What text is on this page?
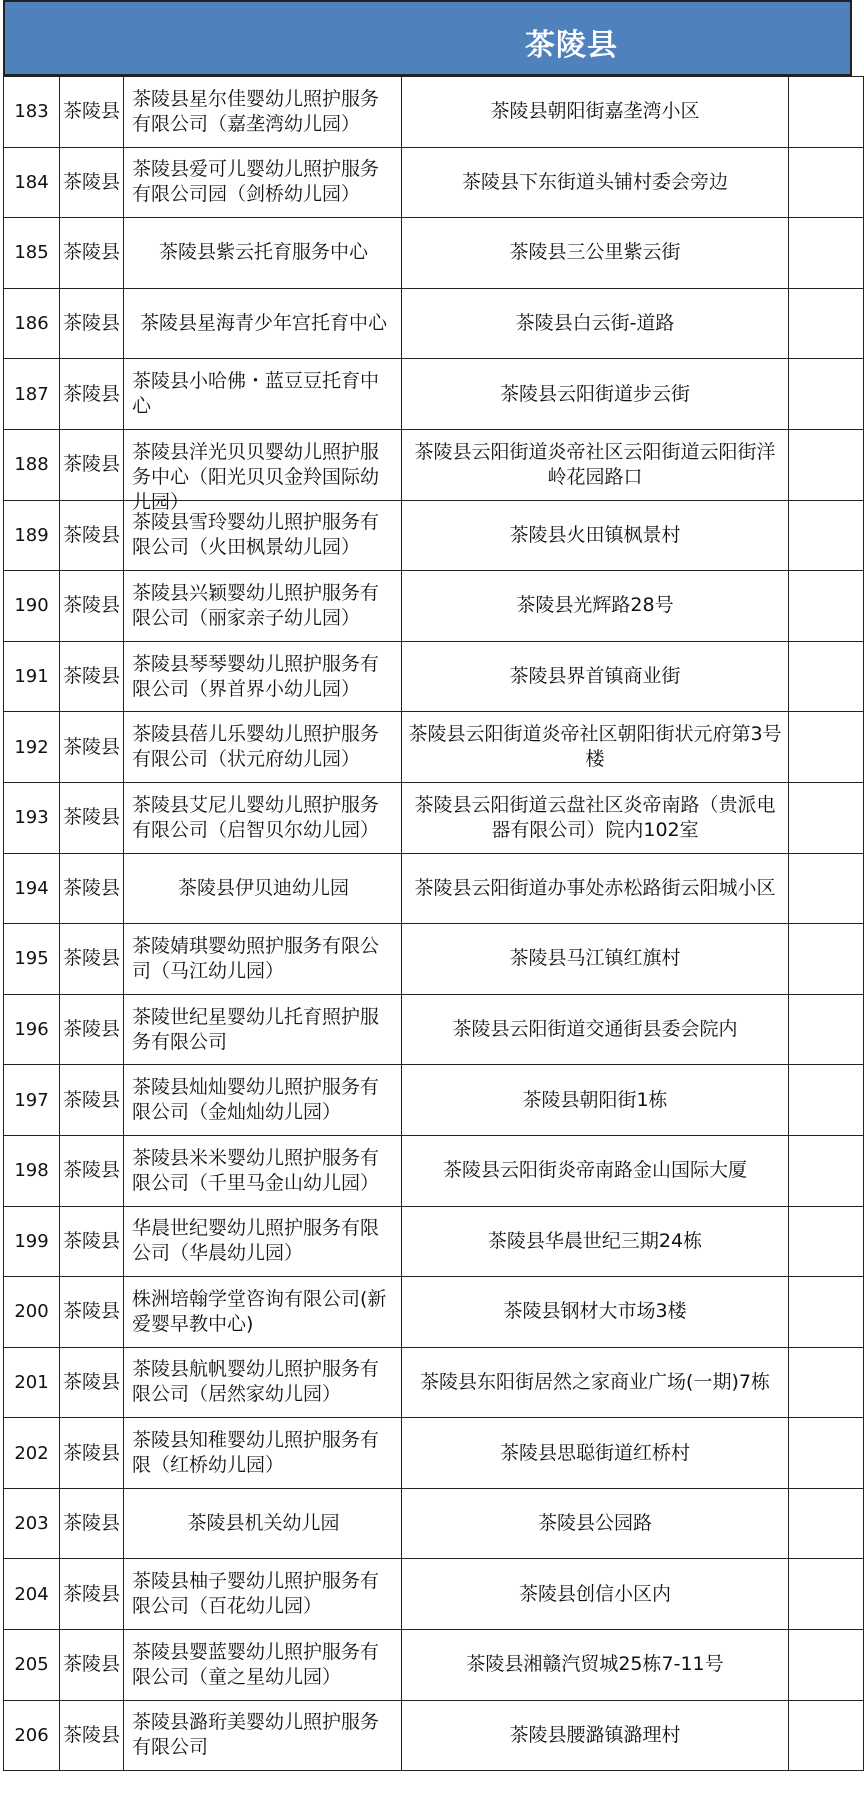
茶陵县
183	茶陵县	茶陵县星尔佳婴幼儿照护服务有限公司（嘉垄湾幼儿园）	茶陵县朝阳街嘉垄湾小区	

184	茶陵县	茶陵县爱可儿婴幼儿照护服务有限公司园（剑桥幼儿园）	茶陵县下东街道头铺村委会旁边	

185	茶陵县	茶陵县紫云托育服务中心	茶陵县三公里紫云街	

186	茶陵县	茶陵县星海青少年宫托育中心	茶陵县白云街-道路	

187	茶陵县	茶陵县小哈佛・蓝豆豆托育中心	茶陵县云阳街道步云街	

188	茶陵县	茶陵县洋光贝贝婴幼儿照护服务中心（阳光贝贝金羚国际幼儿园）	茶陵县云阳街道炎帝社区云阳街道云阳街洋岭花园路口	

189	茶陵县	茶陵县雪玲婴幼儿照护服务有限公司（火田枫景幼儿园）	茶陵县火田镇枫景村	

190	茶陵县	茶陵县兴颖婴幼儿照护服务有限公司（丽家亲子幼儿园）	茶陵县光辉路28号	

191	茶陵县	茶陵县琴琴婴幼儿照护服务有限公司（界首界小幼儿园）	茶陵县界首镇商业街	

192	茶陵县	茶陵县蓓儿乐婴幼儿照护服务有限公司（状元府幼儿园）	茶陵县云阳街道炎帝社区朝阳街状元府第3号楼	

193	茶陵县	茶陵县艾尼儿婴幼儿照护服务有限公司（启智贝尔幼儿园）	茶陵县云阳街道云盘社区炎帝南路（贵派电器有限公司）院内102室	

194	茶陵县	茶陵县伊贝迪幼儿园	茶陵县云阳街道办事处赤松路街云阳城小区	

195	茶陵县	茶陵婧琪婴幼照护服务有限公司（马江幼儿园）	茶陵县马江镇红旗村	

196	茶陵县	茶陵世纪星婴幼儿托育照护服务有限公司	茶陵县云阳街道交通街县委会院内	

197	茶陵县	茶陵县灿灿婴幼儿照护服务有限公司（金灿灿幼儿园）	茶陵县朝阳街1栋	

198	茶陵县	茶陵县米米婴幼儿照护服务有限公司（千里马金山幼儿园）	茶陵县云阳街炎帝南路金山国际大厦	

199	茶陵县	华晨世纪婴幼儿照护服务有限公司（华晨幼儿园）	茶陵县华晨世纪三期24栋	

200	茶陵县	株洲培翰学堂咨询有限公司(新爱婴早教中心)	茶陵县钢材大市场3楼	

201	茶陵县	茶陵县航帆婴幼儿照护服务有限公司（居然家幼儿园）	茶陵县东阳街居然之家商业广场(一期)7栋	

202	茶陵县	茶陵县知稚婴幼儿照护服务有限（红桥幼儿园）	茶陵县思聪街道红桥村	

203	茶陵县	茶陵县机关幼儿园	茶陵县公园路	

204	茶陵县	茶陵县柚子婴幼儿照护服务有限公司（百花幼儿园）	茶陵县创信小区内	

205	茶陵县	茶陵县婴蓝婴幼儿照护服务有限公司（童之星幼儿园）	茶陵县湘赣汽贸城25栋7-11号	

206	茶陵县	茶陵县潞珩美婴幼儿照护服务有限公司	茶陵县腰潞镇潞理村	
